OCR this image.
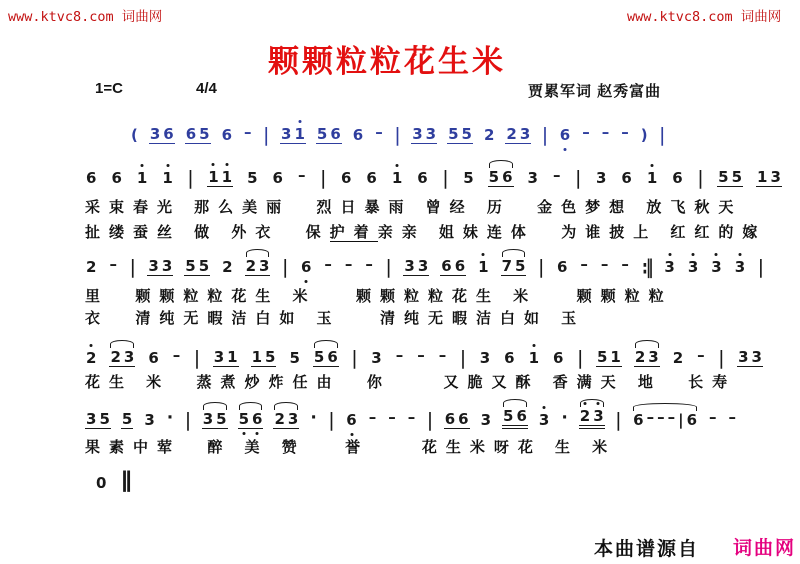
www.ktvc8.com 词曲网	www.ktvc8.com 词曲网
颗颗粒粒花生米
1=C	4/4	贾累军词 赵秀富曲
( 3 6 6 5 6 – | 3 1 5 6 6 – | 3 3 5 5 2 2 3 | 6 – – – ) |
6 6 1 1 | 1 1 5 6 – | 6 6 1 6 | 5 5 6 3 – | 3 6 1 6 | 5 5 1 3
2 – | 3 3 5 5 2 2 3 | 6 – – – | 3 3 6 6 1 7 5 | 6 – – – :‖ 3 3 3 3 |
2 2 3 6 – | 3 1 1 5 5 5 6 | 3 – – – | 3 6 1 6 | 5 1 2 3 2 – | 3 3
3 5 5 3 · | 3 5 5 6 2 3 · | 6 – – – | 6 6 3 5 6 3 · 2 3 | 6 – – – | 6 – –
0 ‖
采束春光 那么美丽  烈日暴雨 曾经 历  金色梦想 放飞秋天
扯缕蚕丝 做 外衣  保护着亲亲 姐妹连体  为谁披上 红红的嫁
里  颗颗粒粒花生 米   颗颗粒粒花生 米   颗颗粒粒
衣  清纯无暇洁白如 玉   清纯无暇洁白如 玉
花生 米  蒸煮炒炸任由  你    又脆又酥 香满天 地  长寿
果素中荤  醉 美 赞   誉    花生米呀花 生 米
本曲谱源自 词曲网
